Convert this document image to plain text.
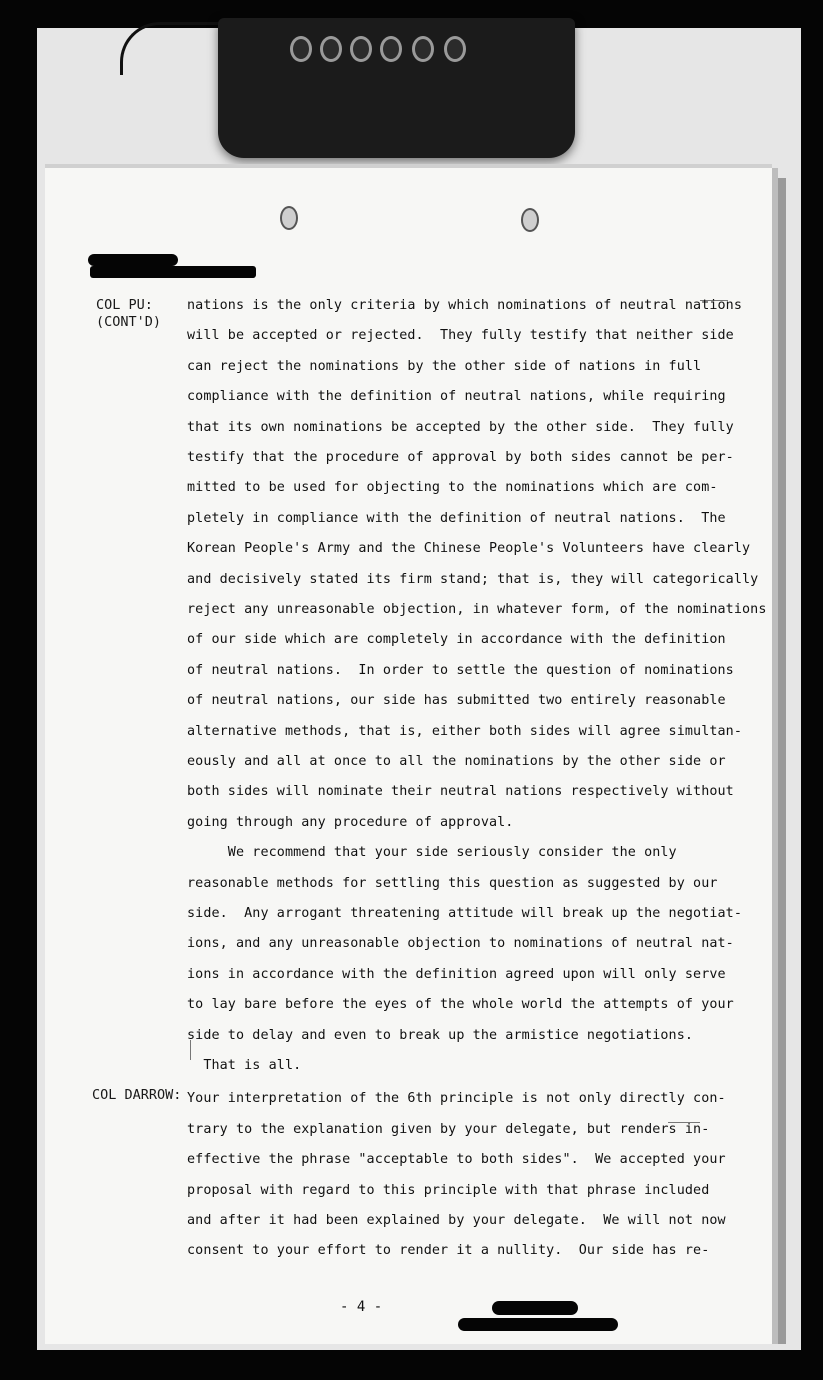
COL PU:
(CONT'D)
COL DARROW:
nations is the only criteria by which nominations of neutral nations
will be accepted or rejected.  They fully testify that neither side
can reject the nominations by the other side of nations in full
compliance with the definition of neutral nations, while requiring
that its own nominations be accepted by the other side.  They fully
testify that the procedure of approval by both sides cannot be per-
mitted to be used for objecting to the nominations which are com-
pletely in compliance with the definition of neutral nations.  The
Korean People's Army and the Chinese People's Volunteers have clearly
and decisively stated its firm stand; that is, they will categorically
reject any unreasonable objection, in whatever form, of the nominations
of our side which are completely in accordance with the definition
of neutral nations.  In order to settle the question of nominations
of neutral nations, our side has submitted two entirely reasonable
alternative methods, that is, either both sides will agree simultan-
eously and all at once to all the nominations by the other side or
both sides will nominate their neutral nations respectively without
going through any procedure of approval.
We recommend that your side seriously consider the only
reasonable methods for settling this question as suggested by our
side.  Any arrogant threatening attitude will break up the negotiat-
ions, and any unreasonable objection to nominations of neutral nat-
ions in accordance with the definition agreed upon will only serve
to lay bare before the eyes of the whole world the attempts of your
side to delay and even to break up the armistice negotiations.
That is all.
Your interpretation of the 6th principle is not only directly con-
trary to the explanation given by your delegate, but renders in-
effective the phrase "acceptable to both sides".  We accepted your
proposal with regard to this principle with that phrase included
and after it had been explained by your delegate.  We will not now
consent to your effort to render it a nullity.  Our side has re-
- 4 -
